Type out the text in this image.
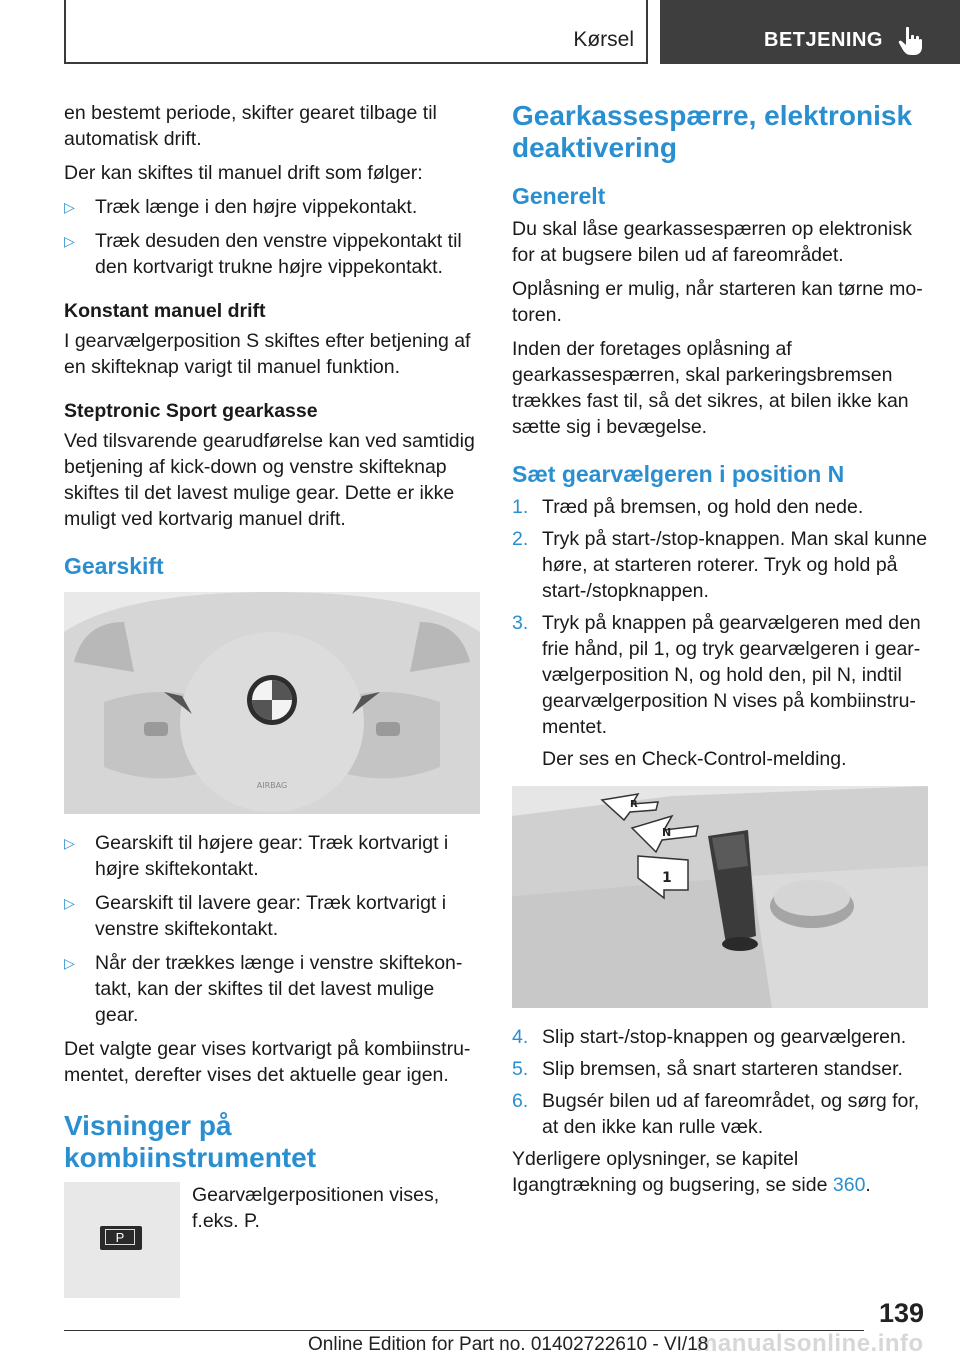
Kørsel	BETJENING

en bestemt periode, skifter gearet tilbage til automatisk drift.

Der kan skiftes til manuel drift som følger:

▷ Træk længe i den højre vippekontakt.
▷ Træk desuden den venstre vippekontakt til den kortvarigt trukne højre vippekontakt.
Konstant manuel drift

I gearvælgerposition S skiftes efter betjening af en skifteknap varigt til manuel funktion.

Steptronic Sport gearkasse

Ved tilsvarende gearudførelse kan ved samtidig betjening af kick-down og venstre skifteknap skiftes til det lavest mulige gear. Dette er ikke muligt ved kortvarig manuel drift.

Gearskift
AIRBAG
▷ Gearskift til højere gear: Træk kortvarigt i højre skiftekontakt.
▷ Gearskift til lavere gear: Træk kortvarigt i venstre skiftekontakt.
▷ Når der trækkes længe i venstre skiftekontakt, kan der skiftes til det lavest mulige gear.

Det valgte gear vises kortvarigt på kombiinstrumentet, derefter vises det aktuelle gear igen.

Visninger på kombiinstrumentet
P
Gearvælgerpositionen vises, f.eks. P.
Gearkassespærre, elektronisk deaktivering
Generelt

Du skal låse gearkassespærren op elektronisk for at bugsere bilen ud af fareområdet.

Oplåsning er mulig, når starteren kan tørne motoren.

Inden der foretages oplåsning af gearkassespærren, skal parkeringsbremsen trækkes fast til, så det sikres, at bilen ikke kan sætte sig i bevægelse.

Sæt gearvælgeren i position N
1. Træd på bremsen, og hold den nede.
2. Tryk på start-/stop-knappen. Man skal kunne høre, at starteren roterer. Tryk og hold på start-/stopknappen.
3. Tryk på knappen på gearvælgeren med den frie hånd, pil 1, og tryk gearvælgeren i gearvælgerposition N, og hold den, pil N, indtil gearvælgerposition N vises på kombiinstrumentet.

Der ses en Check-Control-melding.

R
N
1
4. Slip start-/stop-knappen og gearvælgeren.
5. Slip bremsen, så snart starteren standser.
6. Bugsér bilen ud af fareområdet, og sørg for, at den ikke kan rulle væk.

Yderligere oplysninger, se kapitel Igangtrækning og bugsering, se side 360.

139
manualsonline.info
Online Edition for Part no. 01402722610 - VI/18
